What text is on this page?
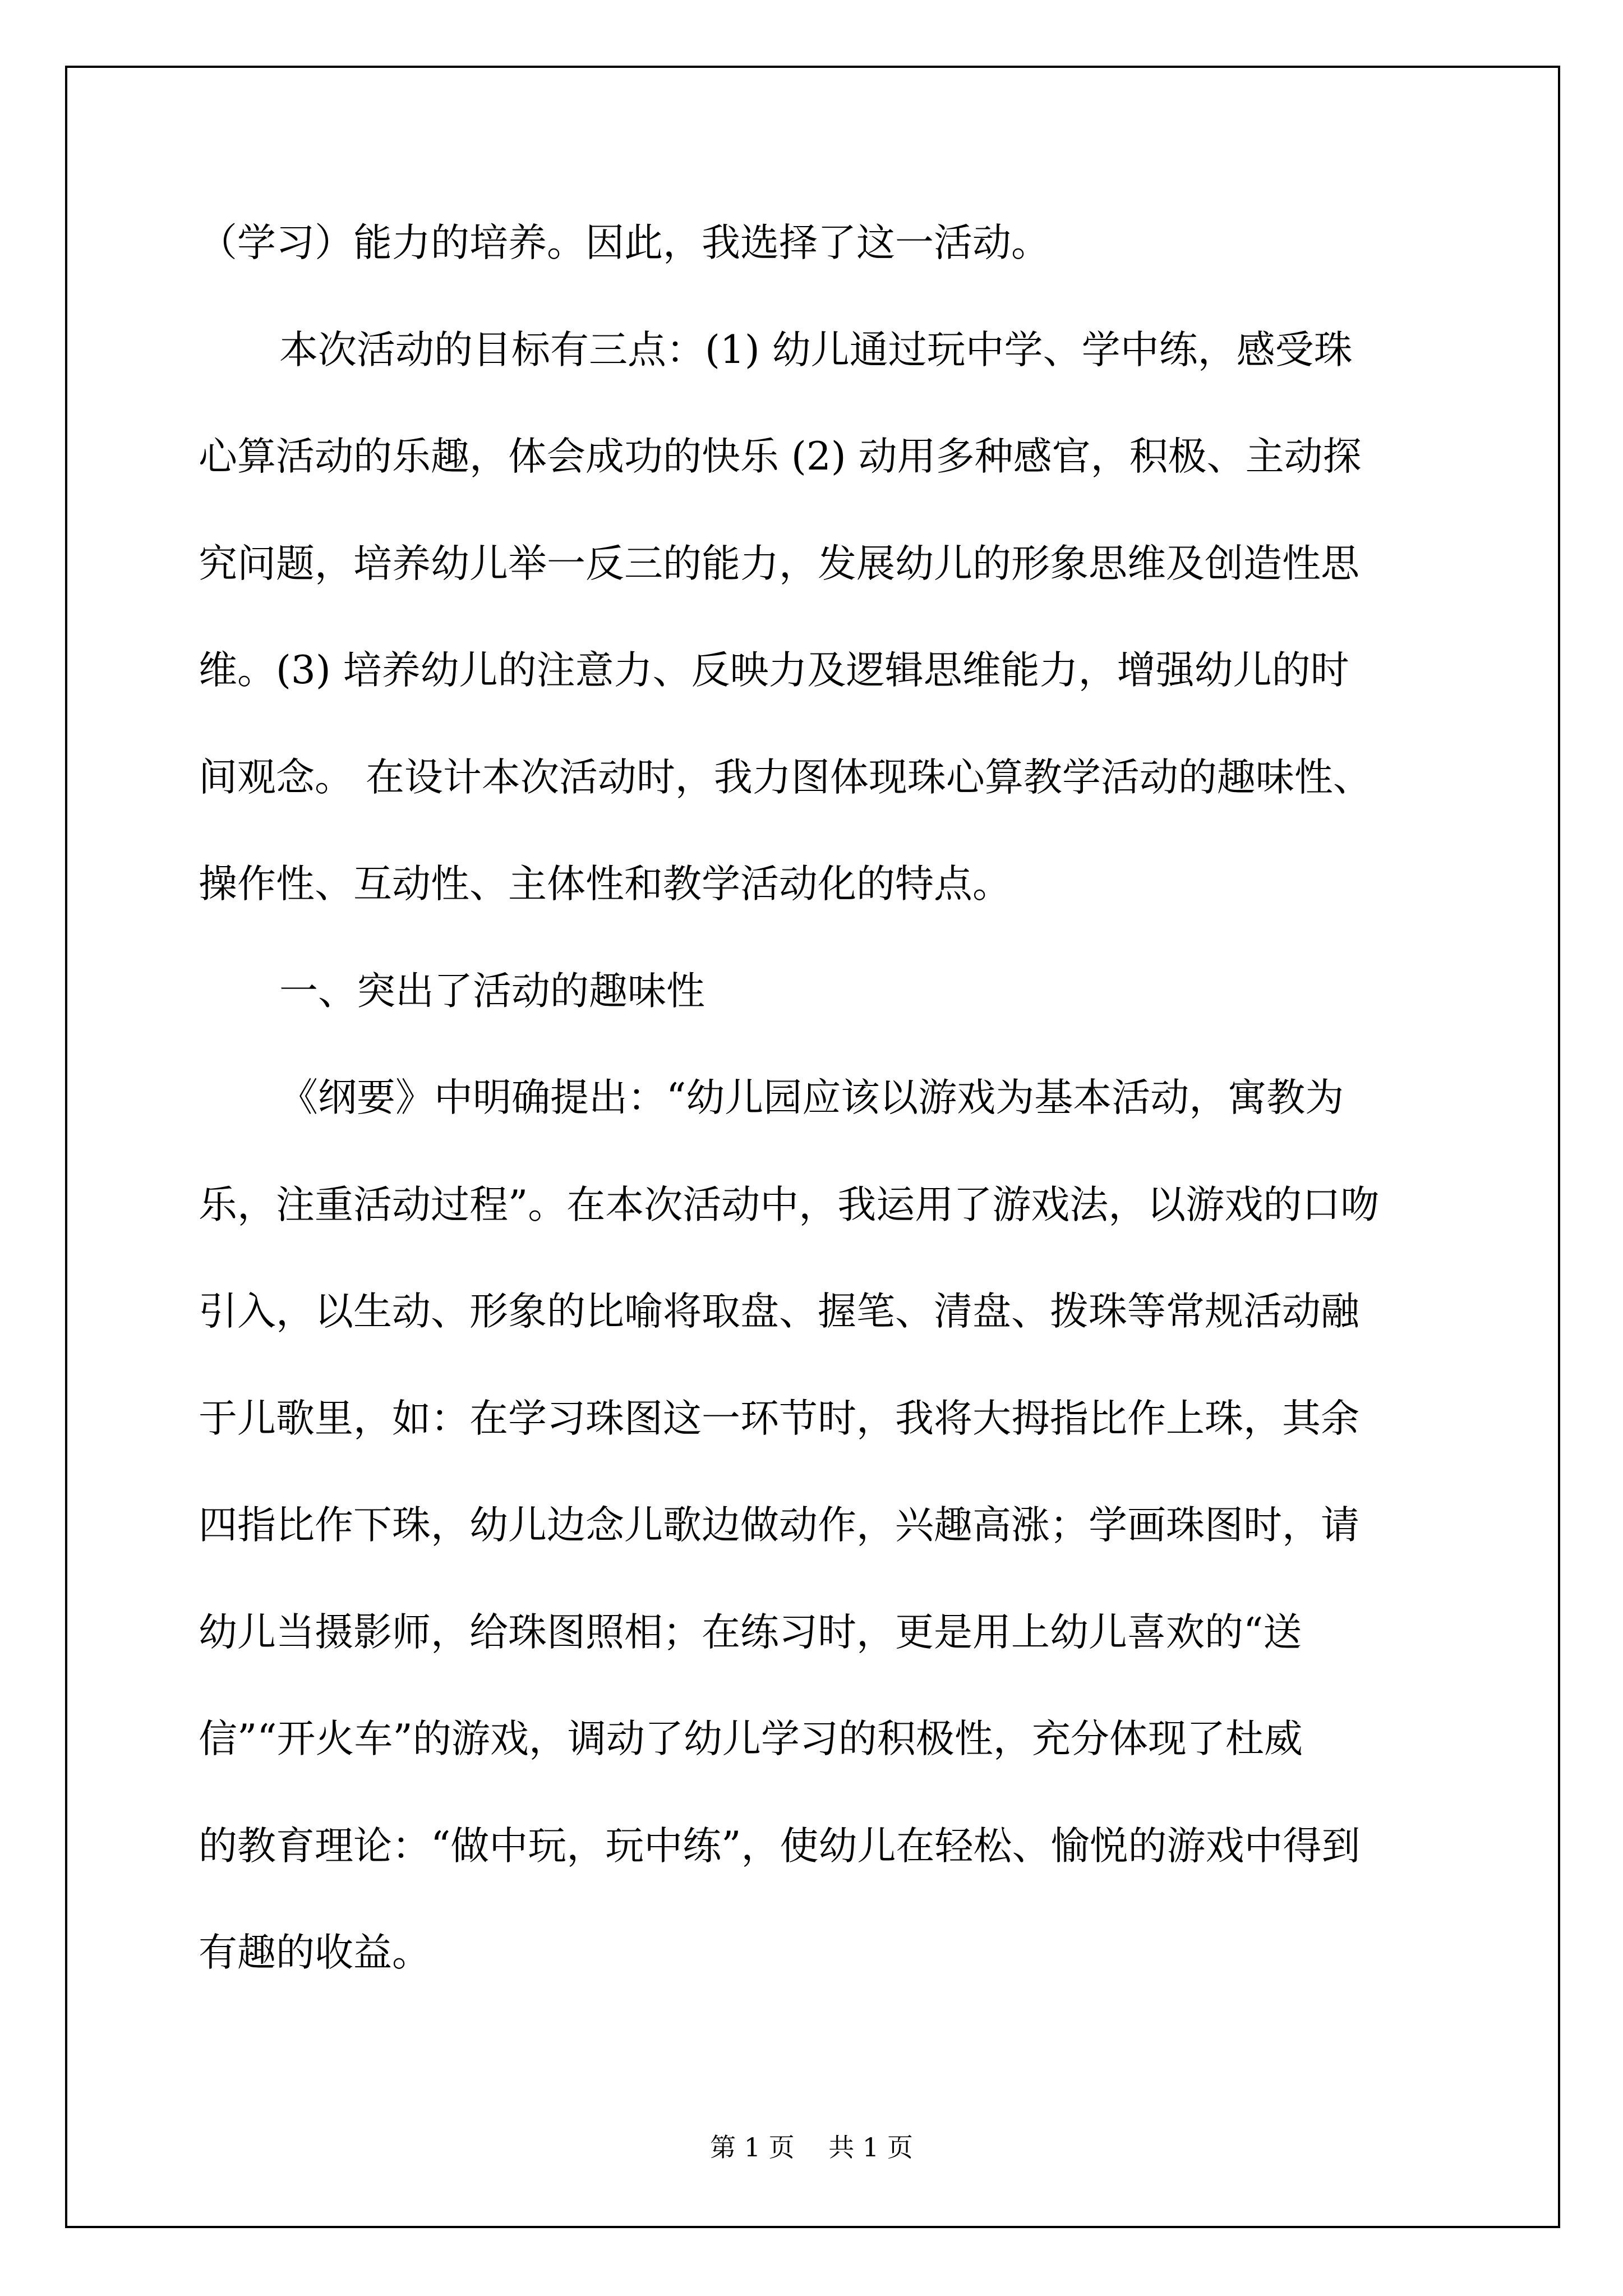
（学习）能力的培养。因此，我选择了这一活动。
本次活动的目标有三点：(1) 幼儿通过玩中学、学中练，感受珠
心算活动的乐趣，体会成功的快乐 (2) 动用多种感官，积极、主动探
究问题，培养幼儿举一反三的能力，发展幼儿的形象思维及创造性思
维。(3) 培养幼儿的注意力、反映力及逻辑思维能力，增强幼儿的时
间观念。 在设计本次活动时，我力图体现珠心算教学活动的趣味性、
操作性、互动性、主体性和教学活动化的特点。
一、突出了活动的趣味性
《纲要》中明确提出：“幼儿园应该以游戏为基本活动，寓教为
乐，注重活动过程”。在本次活动中，我运用了游戏法，以游戏的口吻
引入，以生动、形象的比喻将取盘、握笔、清盘、拨珠等常规活动融
于儿歌里，如：在学习珠图这一环节时，我将大拇指比作上珠，其余
四指比作下珠，幼儿边念儿歌边做动作，兴趣高涨；学画珠图时，请
幼儿当摄影师，给珠图照相；在练习时，更是用上幼儿喜欢的“送
信”“开火车”的游戏，调动了幼儿学习的积极性，充分体现了杜威
的教育理论：“做中玩，玩中练”，使幼儿在轻松、愉悦的游戏中得到
有趣的收益。
第 1 页　 共 1 页
